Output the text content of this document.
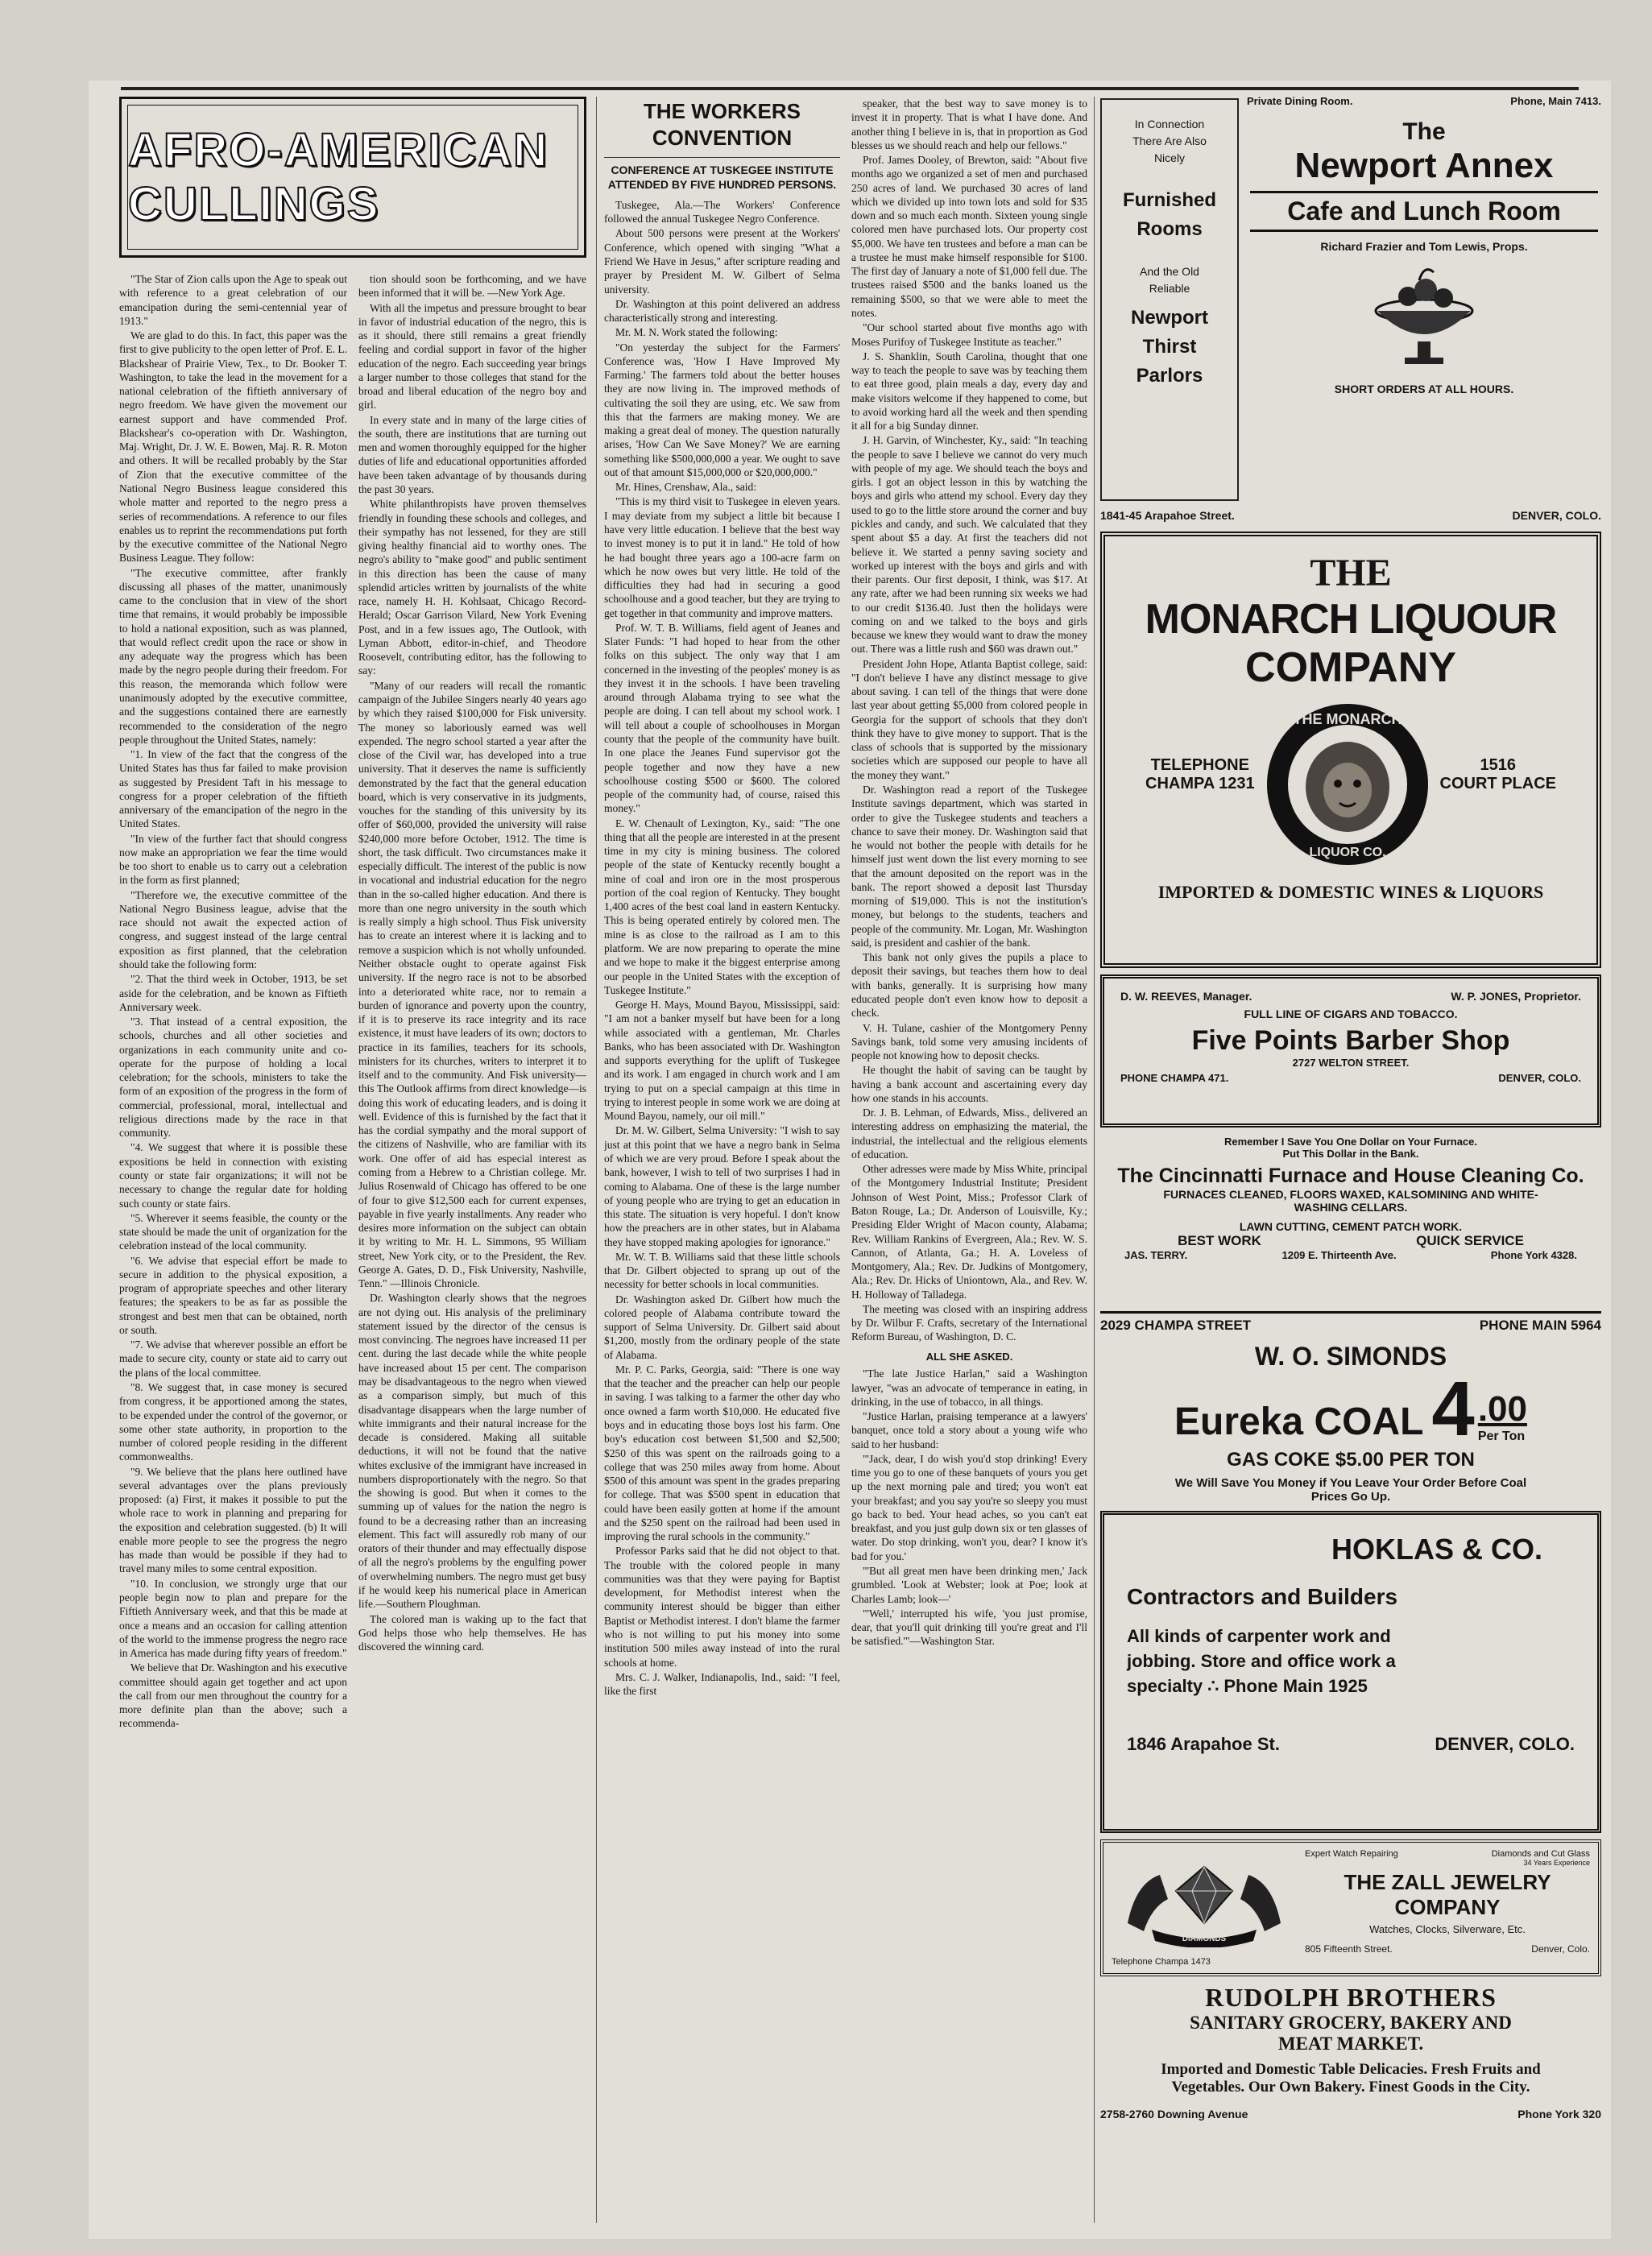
AFRO-AMERICAN CULLINGS

"The Star of Zion calls upon the Age to speak out with reference to a great celebration of our emancipation during the semi-centennial year of 1913."

We are glad to do this. In fact, this paper was the first to give publicity to the open letter of Prof. E. L. Blackshear of Prairie View, Tex., to Dr. Booker T. Washington, to take the lead in the movement for a national celebration of the fiftieth anniversary of negro freedom. We have given the movement our earnest support and have commended Prof. Blackshear's co-operation with Dr. Washington, Maj. Wright, Dr. J. W. E. Bowen, Maj. R. R. Moton and others. It will be recalled probably by the Star of Zion that the executive committee of the National Negro Business league considered this whole matter and reported to the negro press a series of recommendations. A reference to our files enables us to reprint the recommendations put forth by the executive committee of the National Negro Business League. They follow:

"The executive committee, after frankly discussing all phases of the matter, unanimously came to the conclusion that in view of the short time that remains, it would probably be impossible to hold a national exposition, such as was planned, that would reflect credit upon the race or show in any adequate way the progress which has been made by the negro people during their freedom. For this reason, the memoranda which follow were unanimously adopted by the executive committee, and the suggestions contained there are earnestly recommended to the consideration of the negro people throughout the United States, namely:

"1. In view of the fact that the congress of the United States has thus far failed to make provision as suggested by President Taft in his message to congress for a proper celebration of the fiftieth anniversary of the emancipation of the negro in the United States.

"In view of the further fact that should congress now make an appropriation we fear the time would be too short to enable us to carry out a celebration in the form as first planned;

"Therefore we, the executive committee of the National Negro Business league, advise that the race should not await the expected action of congress, and suggest instead of the large central exposition as first planned, that the celebration should take the following form:

"2. That the third week in October, 1913, be set aside for the celebration, and be known as Fiftieth Anniversary week.

"3. That instead of a central exposition, the schools, churches and all other societies and organizations in each community unite and co-operate for the purpose of holding a local celebration; for the schools, ministers to take the form of an exposition of the progress in the form of commercial, professional, moral, intellectual and religious directions made by the race in that community.

"4. We suggest that where it is possible these expositions be held in connection with existing county or state fair organizations; it will not be necessary to change the regular date for holding such county or state fairs.

"5. Wherever it seems feasible, the county or the state should be made the unit of organization for the celebration instead of the local community.

"6. We advise that especial effort be made to secure in addition to the physical exposition, a program of appropriate speeches and other literary features; the speakers to be as far as possible the strongest and best men that can be obtained, north or south.

"7. We advise that wherever possible an effort be made to secure city, county or state aid to carry out the plans of the local committee.

"8. We suggest that, in case money is secured from congress, it be apportioned among the states, to be expended under the control of the governor, or some other state authority, in proportion to the number of colored people residing in the different commonwealths.

"9. We believe that the plans here outlined have several advantages over the plans previously proposed: (a) First, it makes it possible to put the whole race to work in planning and preparing for the exposition and celebration suggested. (b) It will enable more people to see the progress the negro has made than would be possible if they had to travel many miles to some central exposition.

"10. In conclusion, we strongly urge that our people begin now to plan and prepare for the Fiftieth Anniversary week, and that this be made at once a means and an occasion for calling attention of the world to the immense progress the negro race in America has made during fifty years of freedom."

We believe that Dr. Washington and his executive committee should again get together and act upon the call from our men throughout the country for a more definite plan than the above; such a recommenda-

tion should soon be forthcoming, and we have been informed that it will be. —New York Age.

With all the impetus and pressure brought to bear in favor of industrial education of the negro, this is as it should, there still remains a great friendly feeling and cordial support in favor of the higher education of the negro. Each succeeding year brings a larger number to those colleges that stand for the broad and liberal education of the negro boy and girl.

In every state and in many of the large cities of the south, there are institutions that are turning out men and women thoroughly equipped for the higher duties of life and educational opportunities afforded have been taken advantage of by thousands during the past 30 years.

White philanthropists have proven themselves friendly in founding these schools and colleges, and their sympathy has not lessened, for they are still giving healthy financial aid to worthy ones. The negro's ability to "make good" and public sentiment in this direction has been the cause of many splendid articles written by journalists of the white race, namely H. H. Kohlsaat, Chicago Record-Herald; Oscar Garrison Vilard, New York Evening Post, and in a few issues ago, The Outlook, with Lyman Abbott, editor-in-chief, and Theodore Roosevelt, contributing editor, has the following to say:

"Many of our readers will recall the romantic campaign of the Jubilee Singers nearly 40 years ago by which they raised $100,000 for Fisk university. The money so laboriously earned was well expended. The negro school started a year after the close of the Civil war, has developed into a true university. That it deserves the name is sufficiently demonstrated by the fact that the general education board, which is very conservative in its judgments, vouches for the standing of this university by its offer of $60,000, provided the university will raise $240,000 more before October, 1912. The time is short, the task difficult. Two circumstances make it especially difficult. The interest of the public is now in vocational and industrial education for the negro than in the so-called higher education. And there is more than one negro university in the south which is really simply a high school. Thus Fisk university has to create an interest where it is lacking and to remove a suspicion which is not wholly unfounded. Neither obstacle ought to operate against Fisk university. If the negro race is not to be absorbed into a deteriorated white race, nor to remain a burden of ignorance and poverty upon the country, if it is to preserve its race integrity and its race existence, it must have leaders of its own; doctors to practice in its families, teachers for its schools, ministers for its churches, writers to interpret it to itself and to the community. And Fisk university—this The Outlook affirms from direct knowledge—is doing this work of educating leaders, and is doing it well. Evidence of this is furnished by the fact that it has the cordial sympathy and the moral support of the citizens of Nashville, who are familiar with its work. One offer of aid has especial interest as coming from a Hebrew to a Christian college. Mr. Julius Rosenwald of Chicago has offered to be one of four to give $12,500 each for current expenses, payable in five yearly installments. Any reader who desires more information on the subject can obtain it by writing to Mr. H. L. Simmons, 95 William street, New York city, or to the President, the Rev. George A. Gates, D. D., Fisk University, Nashville, Tenn." —Illinois Chronicle.

Dr. Washington clearly shows that the negroes are not dying out. His analysis of the preliminary statement issued by the director of the census is most convincing. The negroes have increased 11 per cent. during the last decade while the white people have increased about 15 per cent. The comparison may be disadvantageous to the negro when viewed as a comparison simply, but much of this disadvantage disappears when the large number of white immigrants and their natural increase for the decade is considered. Making all suitable deductions, it will not be found that the native whites exclusive of the immigrant have increased in numbers disproportionately with the negro. So that the showing is good. But when it comes to the summing up of values for the nation the negro is found to be a decreasing rather than an increasing element. This fact will assuredly rob many of our orators of their thunder and may effectually dispose of all the negro's problems by the engulfing power of overwhelming numbers. The negro must get busy if he would keep his numerical place in American life.—Southern Ploughman.

The colored man is waking up to the fact that God helps those who help themselves. He has discovered the winning card.

THE WORKERS CONVENTION
CONFERENCE AT TUSKEGEE INSTITUTE ATTENDED BY FIVE HUNDRED PERSONS.

Tuskegee, Ala.—The Workers' Conference followed the annual Tuskegee Negro Conference.

About 500 persons were present at the Workers' Conference, which opened with singing "What a Friend We Have in Jesus," after scripture reading and prayer by President M. W. Gilbert of Selma university.

Dr. Washington at this point delivered an address characteristically strong and interesting.

Mr. M. N. Work stated the following:

"On yesterday the subject for the Farmers' Conference was, 'How I Have Improved My Farming.' The farmers told about the better houses they are now living in. The improved methods of cultivating the soil they are using, etc. We saw from this that the farmers are making money. We are making a great deal of money. The question naturally arises, 'How Can We Save Money?' We are earning something like $500,000,000 a year. We ought to save out of that amount $15,000,000 or $20,000,000."

Mr. Hines, Crenshaw, Ala., said:

"This is my third visit to Tuskegee in eleven years. I may deviate from my subject a little bit because I have very little education. I believe that the best way to invest money is to put it in land." He told of how he had bought three years ago a 100-acre farm on which he now owes but very little. He told of the difficulties they had had in securing a good schoolhouse and a good teacher, but they are trying to get together in that community and improve matters.

Prof. W. T. B. Williams, field agent of Jeanes and Slater Funds: "I had hoped to hear from the other folks on this subject. The only way that I am concerned in the investing of the peoples' money is as they invest it in the schools. I have been traveling around through Alabama trying to see what the people are doing. I can tell about my school work. I will tell about a couple of schoolhouses in Morgan county that the people of the community have built. In one place the Jeanes Fund supervisor got the people together and now they have a new schoolhouse costing $500 or $600. The colored people of the community had, of course, raised this money."

E. W. Chenault of Lexington, Ky., said: "The one thing that all the people are interested in at the present time in my city is mining business. The colored people of the state of Kentucky recently bought a mine of coal and iron ore in the most prosperous portion of the coal region of Kentucky. They bought 1,400 acres of the best coal land in eastern Kentucky. This is being operated entirely by colored men. The mine is as close to the railroad as I am to this platform. We are now preparing to operate the mine and we hope to make it the biggest enterprise among our people in the United States with the exception of Tuskegee Institute."

George H. Mays, Mound Bayou, Mississippi, said: "I am not a banker myself but have been for a long while associated with a gentleman, Mr. Charles Banks, who has been associated with Dr. Washington and supports everything for the uplift of Tuskegee and its work. I am engaged in church work and I am trying to put on a special campaign at this time in trying to interest people in some work we are doing at Mound Bayou, namely, our oil mill."

Dr. M. W. Gilbert, Selma University: "I wish to say just at this point that we have a negro bank in Selma of which we are very proud. Before I speak about the bank, however, I wish to tell of two surprises I had in coming to Alabama. One of these is the large number of young people who are trying to get an education in this state. The situation is very hopeful. I don't know how the preachers are in other states, but in Alabama they have stopped making apologies for ignorance."

Mr. W. T. B. Williams said that these little schools that Dr. Gilbert objected to sprang up out of the necessity for better schools in local communities.

Dr. Washington asked Dr. Gilbert how much the colored people of Alabama contribute toward the support of Selma University. Dr. Gilbert said about $1,200, mostly from the ordinary people of the state of Alabama.

Mr. P. C. Parks, Georgia, said: "There is one way that the teacher and the preacher can help our people in saving. I was talking to a farmer the other day who once owned a farm worth $10,000. He educated five boys and in educating those boys lost his farm. One boy's education cost between $1,500 and $2,500; $250 of this was spent on the railroads going to a college that was 250 miles away from home. About $500 of this amount was spent in the grades preparing for college. That was $500 spent in education that could have been easily gotten at home if the amount and the $250 spent on the railroad had been used in improving the rural schools in the community."

Professor Parks said that he did not object to that. The trouble with the colored people in many communities was that they were paying for Baptist development, for Methodist interest when the community interest should be bigger than either Baptist or Methodist interest. I don't blame the farmer who is not willing to put his money into some institution 500 miles away instead of into the rural schools at home.

Mrs. C. J. Walker, Indianapolis, Ind., said: "I feel, like the first

speaker, that the best way to save money is to invest it in property. That is what I have done. And another thing I believe in is, that in proportion as God blesses us we should reach and help our fellows."

Prof. James Dooley, of Brewton, said: "About five months ago we organized a set of men and purchased 250 acres of land. We purchased 30 acres of land which we divided up into town lots and sold for $35 down and so much each month. Sixteen young single colored men have purchased lots. Our property cost $5,000. We have ten trustees and before a man can be a trustee he must make himself responsible for $100. The first day of January a note of $1,000 fell due. The trustees raised $500 and the banks loaned us the remaining $500, so that we were able to meet the notes.

"Our school started about five months ago with Moses Purifoy of Tuskegee Institute as teacher."

J. S. Shanklin, South Carolina, thought that one way to teach the people to save was by teaching them to eat three good, plain meals a day, every day and make visitors welcome if they happened to come, but to avoid working hard all the week and then spending it all for a big Sunday dinner.

J. H. Garvin, of Winchester, Ky., said: "In teaching the people to save I believe we cannot do very much with people of my age. We should teach the boys and girls. I got an object lesson in this by watching the boys and girls who attend my school. Every day they used to go to the little store around the corner and buy pickles and candy, and such. We calculated that they spent about $5 a day. At first the teachers did not believe it. We started a penny saving society and worked up interest with the boys and girls and with their parents. Our first deposit, I think, was $17. At any rate, after we had been running six weeks we had to our credit $136.40. Just then the holidays were coming on and we talked to the boys and girls because we knew they would want to draw the money out. There was a little rush and $60 was drawn out."

President John Hope, Atlanta Baptist college, said: "I don't believe I have any distinct message to give about saving. I can tell of the things that were done last year about getting $5,000 from colored people in Georgia for the support of schools that they don't think they have to give money to support. That is the class of schools that is supported by the missionary societies which are supposed our people to have all the money they want."

Dr. Washington read a report of the Tuskegee Institute savings department, which was started in order to give the Tuskegee students and teachers a chance to save their money. Dr. Washington said that he would not bother the people with details for he himself just went down the list every morning to see that the amount deposited on the report was in the bank. The report showed a deposit last Thursday morning of $19,000. This is not the institution's money, but belongs to the students, teachers and people of the community. Mr. Logan, Mr. Washington said, is president and cashier of the bank.

This bank not only gives the pupils a place to deposit their savings, but teaches them how to deal with banks, generally. It is surprising how many educated people don't even know how to deposit a check.

V. H. Tulane, cashier of the Montgomery Penny Savings bank, told some very amusing incidents of people not knowing how to deposit checks.

He thought the habit of saving can be taught by having a bank account and ascertaining every day how one stands in his accounts.

Dr. J. B. Lehman, of Edwards, Miss., delivered an interesting address on emphasizing the material, the industrial, the intellectual and the religious elements of education.

Other adresses were made by Miss White, principal of the Montgomery Industrial Institute; President Johnson of West Point, Miss.; Professor Clark of Baton Rouge, La.; Dr. Anderson of Louisville, Ky.; Presiding Elder Wright of Macon county, Alabama; Rev. William Rankins of Evergreen, Ala.; Rev. W. S. Cannon, of Atlanta, Ga.; H. A. Loveless of Montgomery, Ala.; Rev. Dr. Judkins of Montgomery, Ala.; Rev. Dr. Hicks of Uniontown, Ala., and Rev. W. H. Holloway of Talladega.

The meeting was closed with an inspiring address by Dr. Wilbur F. Crafts, secretary of the International Reform Bureau, of Washington, D. C.

ALL SHE ASKED.

"The late Justice Harlan," said a Washington lawyer, "was an advocate of temperance in eating, in drinking, in the use of tobacco, in all things.

"Justice Harlan, praising temperance at a lawyers' banquet, once told a story about a young wife who said to her husband:

"'Jack, dear, I do wish you'd stop drinking! Every time you go to one of these banquets of yours you get up the next morning pale and tired; you won't eat your breakfast; and you say you're so sleepy you must go back to bed. Your head aches, so you can't eat breakfast, and you just gulp down six or ten glasses of water. Do stop drinking, won't you, dear? I know it's bad for you.'

"'But all great men have been drinking men,' Jack grumbled. 'Look at Webster; look at Poe; look at Charles Lamb; look—'

"'Well,' interrupted his wife, 'you just promise, dear, that you'll quit drinking till you're great and I'll be satisfied.'"—Washington Star.

In Connection
There Are Also
Nicely
Furnished
Rooms
And the Old
Reliable
Newport Thirst
Parlors
Private Dining Room.	Phone, Main 7413.
The
Newport Annex
Cafe and Lunch Room
Richard Frazier and Tom Lewis, Props.
SHORT ORDERS AT ALL HOURS.
1841-45 Arapahoe Street.	DENVER, COLO.
THE
MONARCH LIQUOUR
COMPANY
TELEPHONE
CHAMPA 1231
THE MONARCH
LIQUOR CO.
1516
COURT PLACE
IMPORTED & DOMESTIC WINES & LIQUORS
D. W. REEVES, Manager.	W. P. JONES, Proprietor.
FULL LINE OF CIGARS AND TOBACCO.
Five Points Barber Shop
2727 WELTON STREET.
PHONE CHAMPA 471.	DENVER, COLO.
Remember I Save You One Dollar on Your Furnace.
Put This Dollar in the Bank.
The Cincinnatti Furnace and House Cleaning Co.
FURNACES CLEANED, FLOORS WAXED, KALSOMINING AND WHITE-
WASHING CELLARS.
LAWN CUTTING, CEMENT PATCH WORK.
BEST WORK	QUICK SERVICE
JAS. TERRY.	1209 E. Thirteenth Ave.	Phone York 4328.
2029 CHAMPA STREET	PHONE MAIN 5964
W. O. SIMONDS
Eureka COAL 4 .00
Per Ton
GAS COKE $5.00 PER TON
We Will Save You Money if You Leave Your Order Before Coal
Prices Go Up.
HOKLAS & CO.
Contractors and Builders
All kinds of carpenter work and
jobbing. Store and office work a
specialty ∴ Phone Main 1925
1846 Arapahoe St.	DENVER, COLO.
DIAMONDS
Telephone Champa 1473
Expert Watch Repairing	Diamonds and Cut Glass
34 Years Experience
THE ZALL JEWELRY
COMPANY
Watches, Clocks, Silverware, Etc.
805 Fifteenth Street.	Denver, Colo.
RUDOLPH BROTHERS
SANITARY GROCERY, BAKERY AND
MEAT MARKET.
Imported and Domestic Table Delicacies. Fresh Fruits and
Vegetables. Our Own Bakery. Finest Goods in the City.
2758-2760 Downing Avenue	Phone York 320
